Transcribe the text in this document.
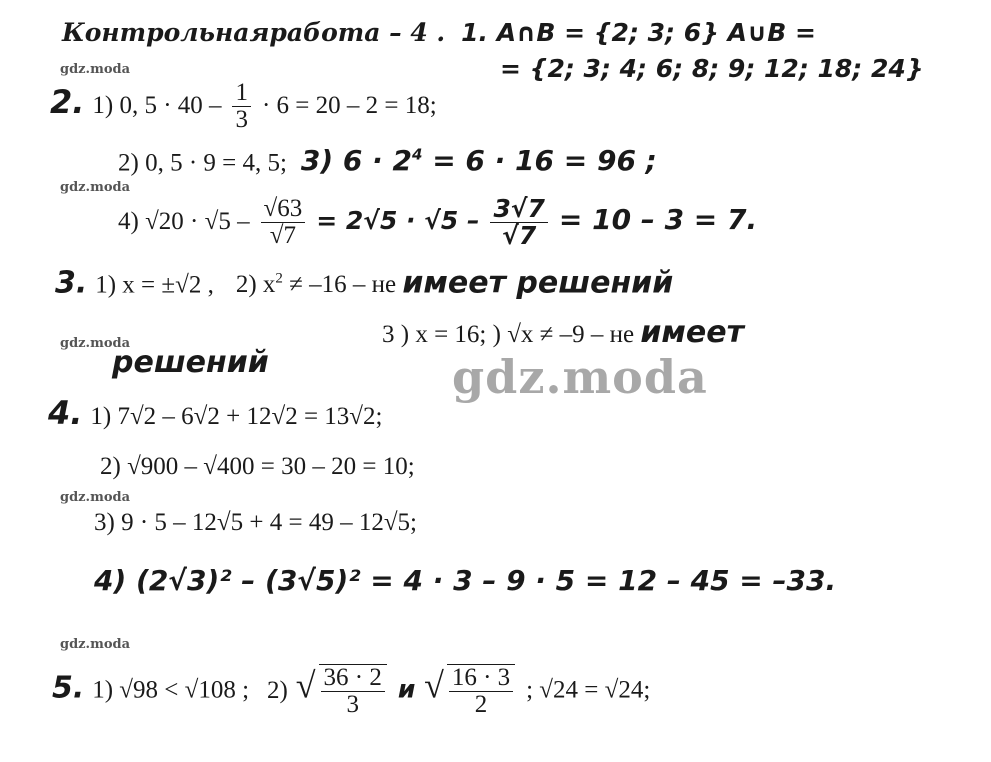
gdz.moda
gdz.moda
gdz.moda
gdz.moda
gdz.moda
gdz.moda
Контрольнаяработа – 4 . 1. A∩B = {2; 3; 6} A∪B =
= {2; 3; 4; 6; 8; 9; 12; 18; 24}
2. 1) 0, $5 \cdot 40 - \frac{1}{3} \cdot 6 = 20 - 2 = 18$;
2) 0, 5 · 9 = 4, 5; 3) $6 \cdot 2^4 = 6 \cdot 16 = 96$ ;
4) $√20 \cdot √5 - \frac{√63}{√7} = 2√5 \cdot √5 - \frac{3√7}{√7} = 10 - 3 = 7$.
3. 1) x = ±√2 , 2) $x^2 \ne -16$ – не имеет решений
3 ) x = 16; ) √x ≠ –9 – не имеет
решений
4. 1) 7√2 – 6√2 + 12√2 = 13√2;
2) √900 – √400 = 30 – 20 = 10;
3) 9 · 5 – 12√5 + 4 = 49 – 12√5;
4) (2√3)² – (3√5)² = 4 · 3 – 9 · 5 = 12 – 45 = –33.
5. 1) √98 < √108 ; 2) √ $\frac{36 \cdot 2}{3}$ и √ $\frac{16 \cdot 3}{2}$ ; √24 = √24;
